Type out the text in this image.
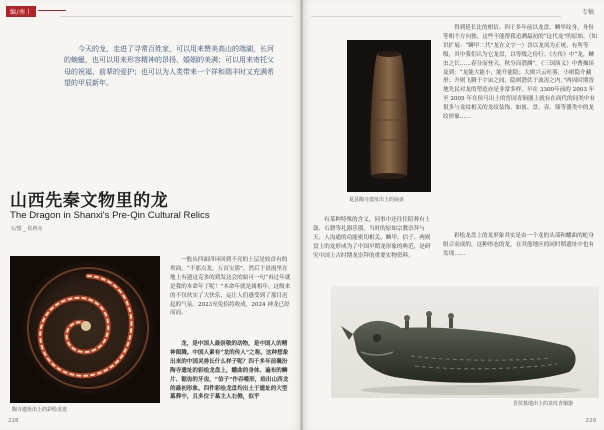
编/南丨
今天的龙，走进了寻常百姓家，可以用来赞美高山的端湖，长河的蜿蜒，也可以用来形容精神的昂扬、婚姻的美满；可以用来寄托父母的祝福、前辈的爱护；也可以为人类带来一个祥和瑞丰时又充满希望的甲辰新年。
山西先秦文物里的龙
The Dragon in Shanxi's Pre-Qin Cultural Relics
文/图 _ 崔莉亮
陶寺遗址出土的彩绘龙盘

一般从四面四环回到不亮的土层是较首有的坝面，“不那点龙，万首宝那”，然后于晨霞里在地上有遗这克多的到发达会的始可一句“再过年就是我的本命年了呢！”本命年就是属相年，这级来的不仅伙实了大快乐，运让人们感受到了那目迟起的气氛。2023至免招将收成，2024 神龙已经而而。

龙，是中国人最崇敬的动物，是中国人的精神图腾。中国人素有“龙的传人”之称。这种想象出来的中国灵兽长什么样子呢？四千多年前襄汾陶寺遗址的彩绘龙盘上，蟠曲的身体、遍布的鳞片、锯齿的牙齿，“信子”作吞噬形，给出山西龙的最初形象。四件彩绘龙盘均出土于遗址的大型墓葬中，且多位于墓主人右侧，似乎

228
专稿
夏县陶寺遗址出土的扁壶

得到延长比的相信。四千多年前以龙盘、鳞甲纹身，身份等相不方向独，这些不能帮我追溯最初的“这代龙”的原始。（知识扩展：“鳞甲二代”龙在文字一）晋以龙凤为正统，有所等级，其中我们认为它龙盘，以等级之份行；《左传》中“龙，鳞虫之长……春分而登天，秋分而潜渊”。《三国演义》中曹操谈及到：“龙能大能小，能升能隐；大则兴云吐雾，小则隐介藏形；升则飞腾于宇宙之间，隐则潜伏于波涛之内。”两周时期晋地先民对龙的塑造亦是非常多样。早在 3300年前的 2003 年至 2005 年在侯马出土的晋国青铜器上就有在商代的同类中有很多与龙纹相关的龙纹装饰，如匜、盘、壶、鼎等器类中的龙纹形象……

有某种特殊的含义，同事中还往往陪葬有土鼓、石磬等礼器乐器，当时的原始宗教崇拜与天、人沟通的功能密切相关。鳞甲、信子、两则盘上的龙形成为了中国早期龙形象的典范，是研究中国上古时期龙崇拜的重要实物资料。

彩绘龙盘上的龙形象其实是由一个龙的头部和蟠曲的蛇身组合而成的，这种形态的龙，在其他地区的同时期遗址中也有发现……

晋侯墓地出土的龙纹青铜器
229
